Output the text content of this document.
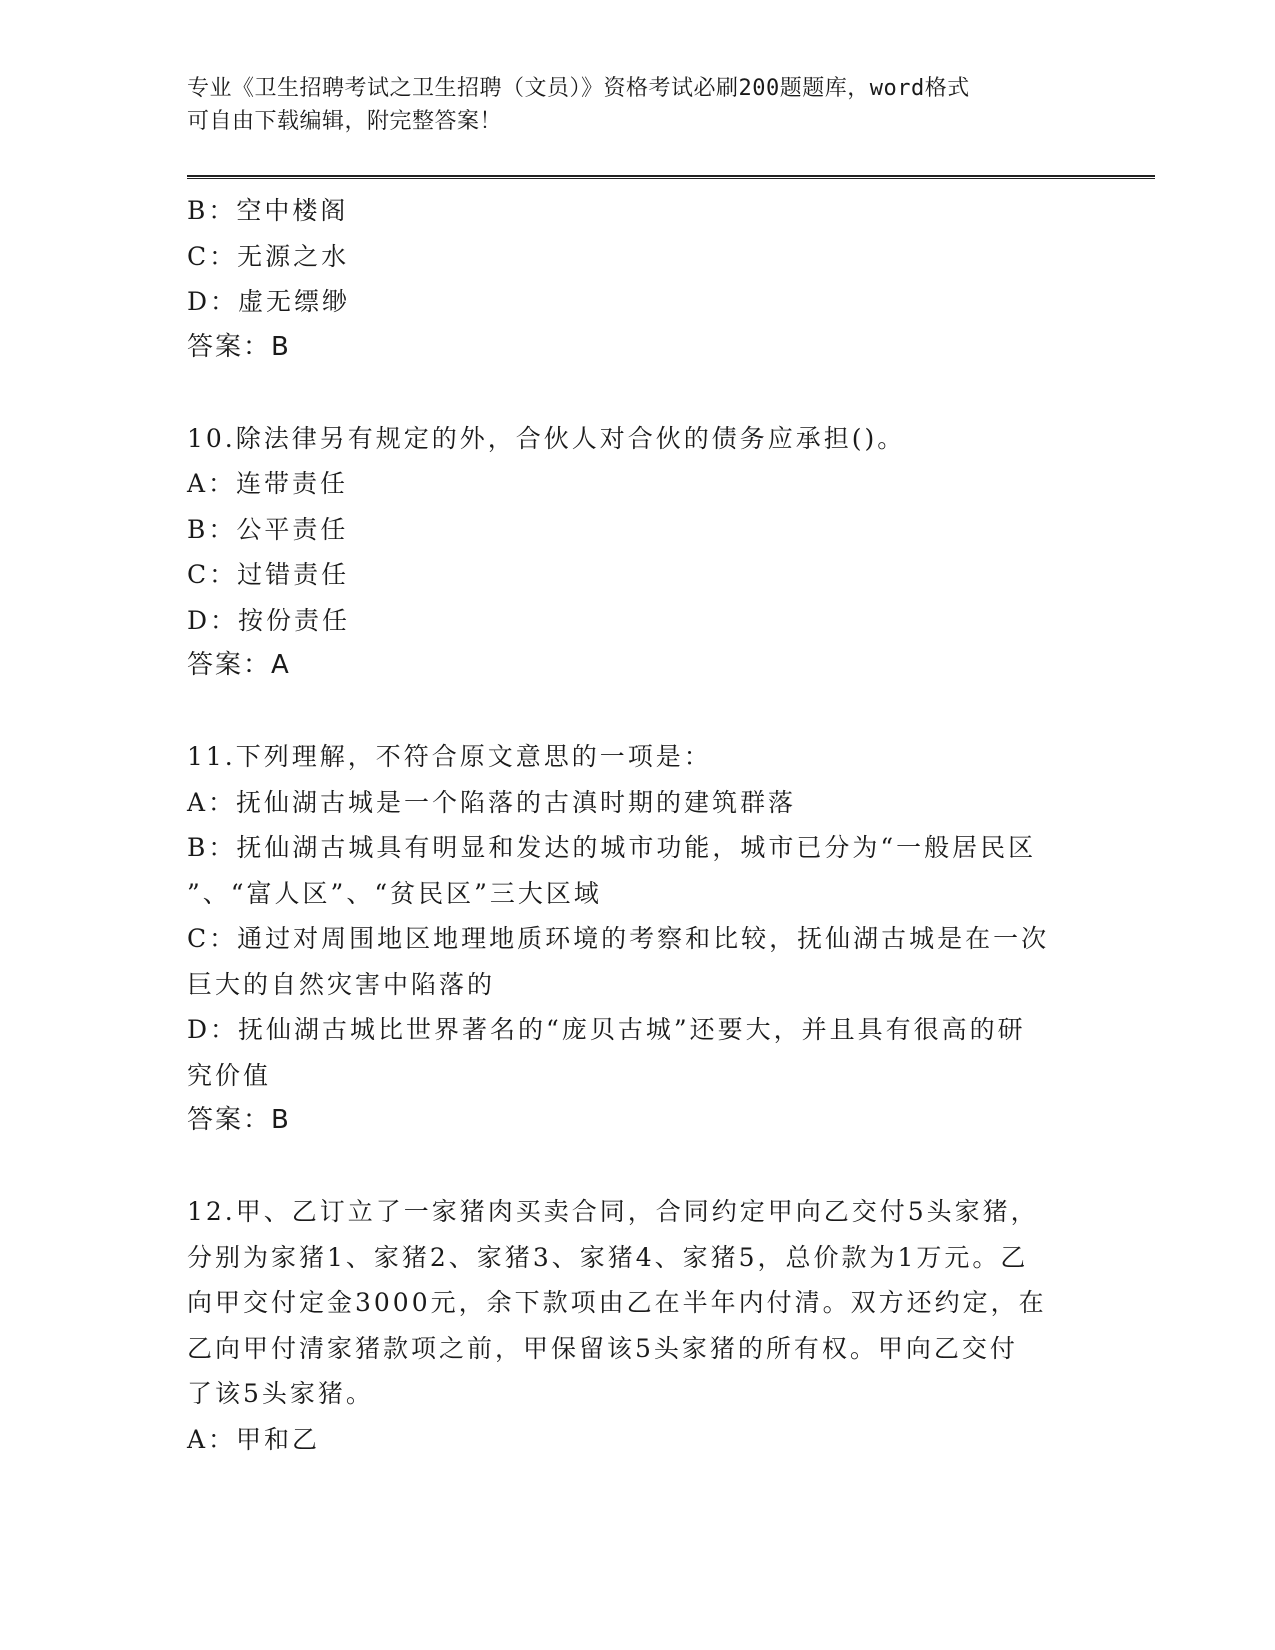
专业《卫生招聘考试之卫生招聘（文员）》资格考试必刷200题题库，word格式

可自由下载编辑，附完整答案！

B：空中楼阁

C：无源之水

D：虚无缥缈

答案：B

10.除法律另有规定的外，合伙人对合伙的债务应承担()。

A：连带责任

B：公平责任

C：过错责任

D：按份责任

答案：A

11.下列理解，不符合原文意思的一项是：

A：抚仙湖古城是一个陷落的古滇时期的建筑群落

B：抚仙湖古城具有明显和发达的城市功能，城市已分为“一般居民区

”、“富人区”、“贫民区”三大区域

C：通过对周围地区地理地质环境的考察和比较，抚仙湖古城是在一次

巨大的自然灾害中陷落的

D：抚仙湖古城比世界著名的“庞贝古城”还要大，并且具有很高的研

究价值

答案：B

12.甲、乙订立了一家猪肉买卖合同，合同约定甲向乙交付5头家猪，

分别为家猪1、家猪2、家猪3、家猪4、家猪5，总价款为1万元。乙

向甲交付定金3000元，余下款项由乙在半年内付清。双方还约定，在

乙向甲付清家猪款项之前，甲保留该5头家猪的所有权。甲向乙交付

了该5头家猪。

A：甲和乙
